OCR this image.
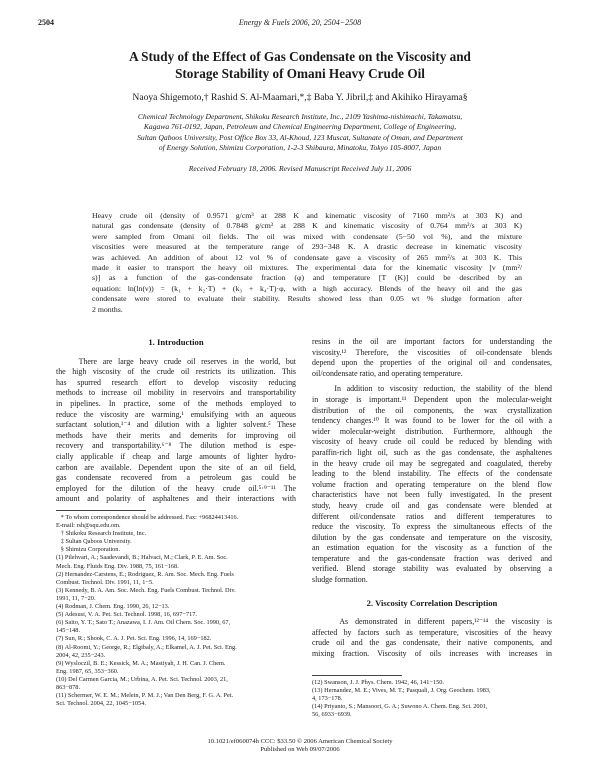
2504	Energy & Fuels 2006, 20, 2504−2508
A Study of the Effect of Gas Condensate on the Viscosity and
Storage Stability of Omani Heavy Crude Oil
Naoya Shigemoto,† Rashid S. Al-Maamari,*,‡ Baba Y. Jibril,‡ and Akihiko Hirayama§
Chemical Technology Department, Shikoku Research Institute, Inc., 2109 Yashima-nishimachi, Takamatsu,
Kagawa 761-0192, Japan, Petroleum and Chemical Engineering Department, College of Engineering,
Sultan Qaboos University, Post Office Box 33, Al-Khoud, 123 Muscat, Sultanate of Oman, and Department
of Energy Solution, Shimizu Corporation, 1-2-3 Shibaura, Minatoku, Tokyo 105-8007, Japan
Received February 18, 2006. Revised Manuscript Received July 11, 2006
Heavy crude oil (density of 0.9571 g/cm³ at 288 K and kinematic viscosity of 7160 mm²/s at 303 K) and
natural gas condensate (density of 0.7848 g/cm³ at 288 K and kinematic viscosity of 0.764 mm²/s at 303 K)
were sampled from Omani oil fields. The oil was mixed with condensate (5−50 vol %), and the mixture
viscosities were measured at the temperature range of 293−348 K. A drastic decrease in kinematic viscosity
was achieved. An addition of about 12 vol % of condensate gave a viscosity of 265 mm²/s at 303 K. This
made it easier to transport the heavy oil mixtures. The experimental data for the kinematic viscosity [ν (mm²/
s)] as a function of the gas-condensate fraction (φ) and temperature [T (K)] could be described by an
equation: ln(ln(ν)) = (k₁ + k₂·T) + (k₃ + k₄·T)·φ, with a high accuracy. Blends of the heavy oil and the gas
condensate were stored to evaluate their stability. Results showed less than 0.05 wt % sludge formation after
2 months.
1. Introduction
There are large heavy crude oil reserves in the world, but
the high viscosity of the crude oil restricts its utilization. This
has spurred research effort to develop viscosity reducing
methods to increase oil mobility in reservoirs and transportability
in pipelines. In practice, some of the methods employed to
reduce the viscosity are warming,¹ emulsifying with an aqueous
surfactant solution,¹⁻⁴ and dilution with a lighter solvent.⁵ These
methods have their merits and demerits for improving oil
recovery and transportability.⁶⁻⁸ The dilution method is espe-
cially applicable if cheap and large amounts of lighter hydro-
carbon are available. Dependent upon the site of an oil field,
gas condensate recovered from a petroleum gas could be
employed for the dilution of the heavy crude oil.⁵·⁹⁻¹¹ The
amount and polarity of asphaltenes and their interactions with
* To whom correspondence should be addressed. Fax: +96824413416.
E-mail: rsh@squ.edu.om.
† Shikoku Research Institute, Inc.
‡ Sultan Qaboos University.
§ Shimizu Corporation.
(1) Pilehvari, A.; Saadevandi, B.; Halvaci, M.; Clark, P. E. Am. Soc.
Mech. Eng. Fluids Eng. Div. 1988, 75, 161−168.
(2) Hernandez-Carstens, E.; Rodriguez, R. Am. Soc. Mech. Eng. Fuels
Combust. Technol. Div. 1991, 11, 1−5.
(3) Kennedy, B. A. Am. Soc. Mech. Eng. Fuels Combust. Technol. Div.
1991, 11, 7−20.
(4) Rodman, J. Chem. Eng. 1990, 26, 12−13.
(5) Adesusi, V. A. Pet. Sci. Technol. 1998, 16, 697−717.
(6) Saito, Y. T.; Sato T.; Anazawa, I. J. Am. Oil Chem. Soc. 1990, 67,
145−148.
(7) Sun, R.; Shook, C. A. J. Pet. Sci. Eng. 1996, 14, 169−182.
(8) Al-Roomi, Y.; George, R.; Elgibaly, A.; Elkamel, A. J. Pet. Sci. Eng.
2004, 42, 235−243.
(9) Wysloczil, B. E.; Kessick, M. A.; Mastiyah, J. H. Can. J. Chem.
Eng. 1987, 65, 353−360.
(10) Del Carmen Garcia, M.; Urbina, A. Pet. Sci. Technol. 2003, 21,
863−878.
(11) Schermer, W. E. M.; Melein, P. M. J.; Van Den Berg, F. G. A. Pet.
Sci. Technol. 2004, 22, 1045−1054.
resins in the oil are important factors for understanding the
viscosity.¹² Therefore, the viscosities of oil-condensate blends
depend upon the properties of the original oil and condensates,
oil/condensate ratio, and operating temperature.
In addition to viscosity reduction, the stability of the blend
in storage is important.¹¹ Dependent upon the molecular-weight
distribution of the oil components, the wax crystallization
tendency changes.¹⁰ It was found to be lower for the oil with a
wider molecular-weight distribution. Furthermore, although the
viscosity of heavy crude oil could be reduced by blending with
paraffin-rich light oil, such as the gas condensate, the asphaltenes
in the heavy crude oil may be segregated and coagulated, thereby
leading to the blend instability. The effects of the condensate
volume fraction and operating temperature on the blend flow
characteristics have not been fully investigated. In the present
study, heavy crude oil and gas condensate were blended at
different oil/condensate ratios and different temperatures to
reduce the viscosity. To express the simultaneous effects of the
dilution by the gas condensate and temperature on the viscosity,
an estimation equation for the viscosity as a function of the
temperature and the gas-condensate fraction was derived and
verified. Blend storage stability was evaluated by observing a
sludge formation.
2. Viscosity Correlation Description
As demonstrated in different papers,¹²⁻¹⁴ the viscosity is
affected by factors such as temperature, viscosities of the heavy
crude oil and the gas condensate, their native components, and
mixing fraction. Viscosity of oils increases with increases in
(12) Swanson, J. J. Phys. Chem. 1942, 46, 141−150.
(13) Hernandez, M. E.; Vives, M. T.; Pasquali, J. Org. Geochem. 1983,
4, 173−178.
(14) Priyanto, S.; Mansoori, G. A.; Suwono A. Chem. Eng. Sci. 2001,
56, 6933−6939.
10.1021/ef060074h CCC: $33.50 © 2006 American Chemical Society
Published on Web 09/07/2006
